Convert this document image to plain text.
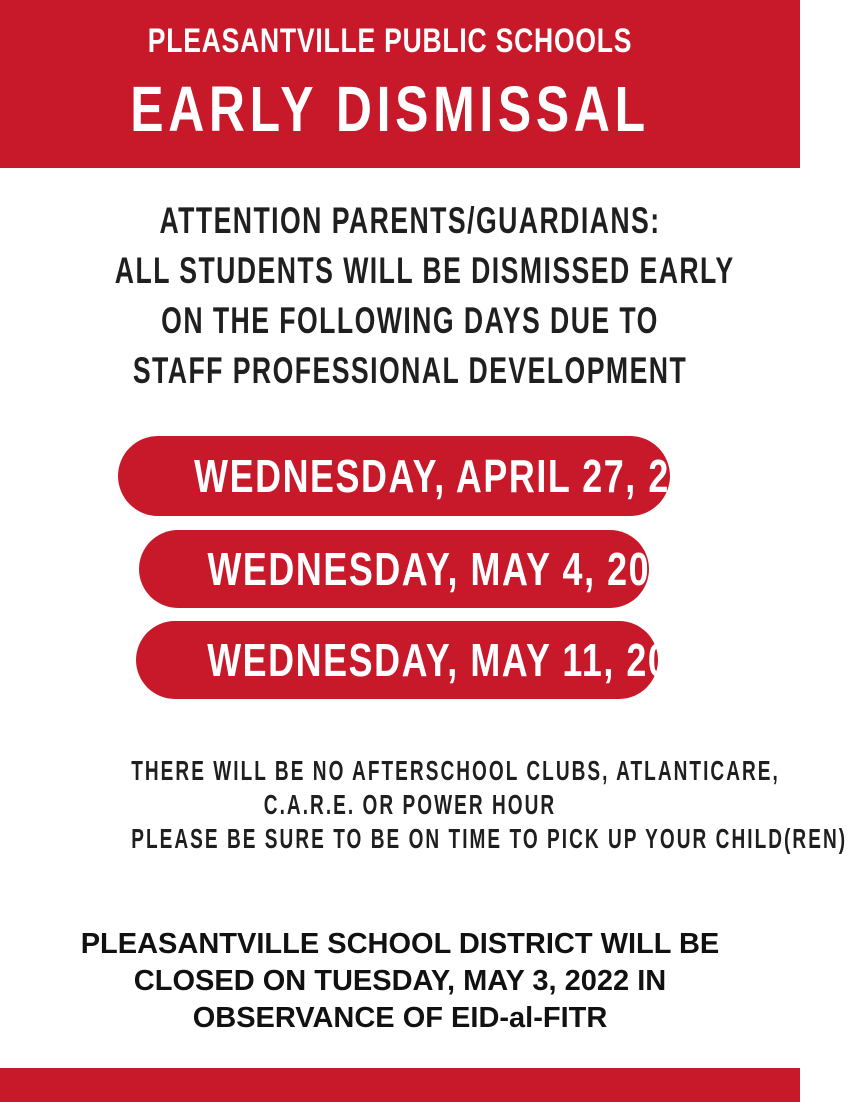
PLEASANTVILLE PUBLIC SCHOOLS
EARLY DISMISSAL
ATTENTION PARENTS/GUARDIANS:
ALL STUDENTS WILL BE DISMISSED EARLY
ON THE FOLLOWING DAYS DUE TO
STAFF PROFESSIONAL DEVELOPMENT
WEDNESDAY, APRIL 27, 2022
WEDNESDAY, MAY 4, 2022
WEDNESDAY, MAY 11, 2022
THERE WILL BE NO AFTERSCHOOL CLUBS, ATLANTICARE,
C.A.R.E. OR POWER HOUR
PLEASE BE SURE TO BE ON TIME TO PICK UP YOUR CHILD(REN)
PLEASANTVILLE SCHOOL DISTRICT WILL BE
CLOSED ON TUESDAY, MAY 3, 2022 IN
OBSERVANCE OF EID-al-FITR
